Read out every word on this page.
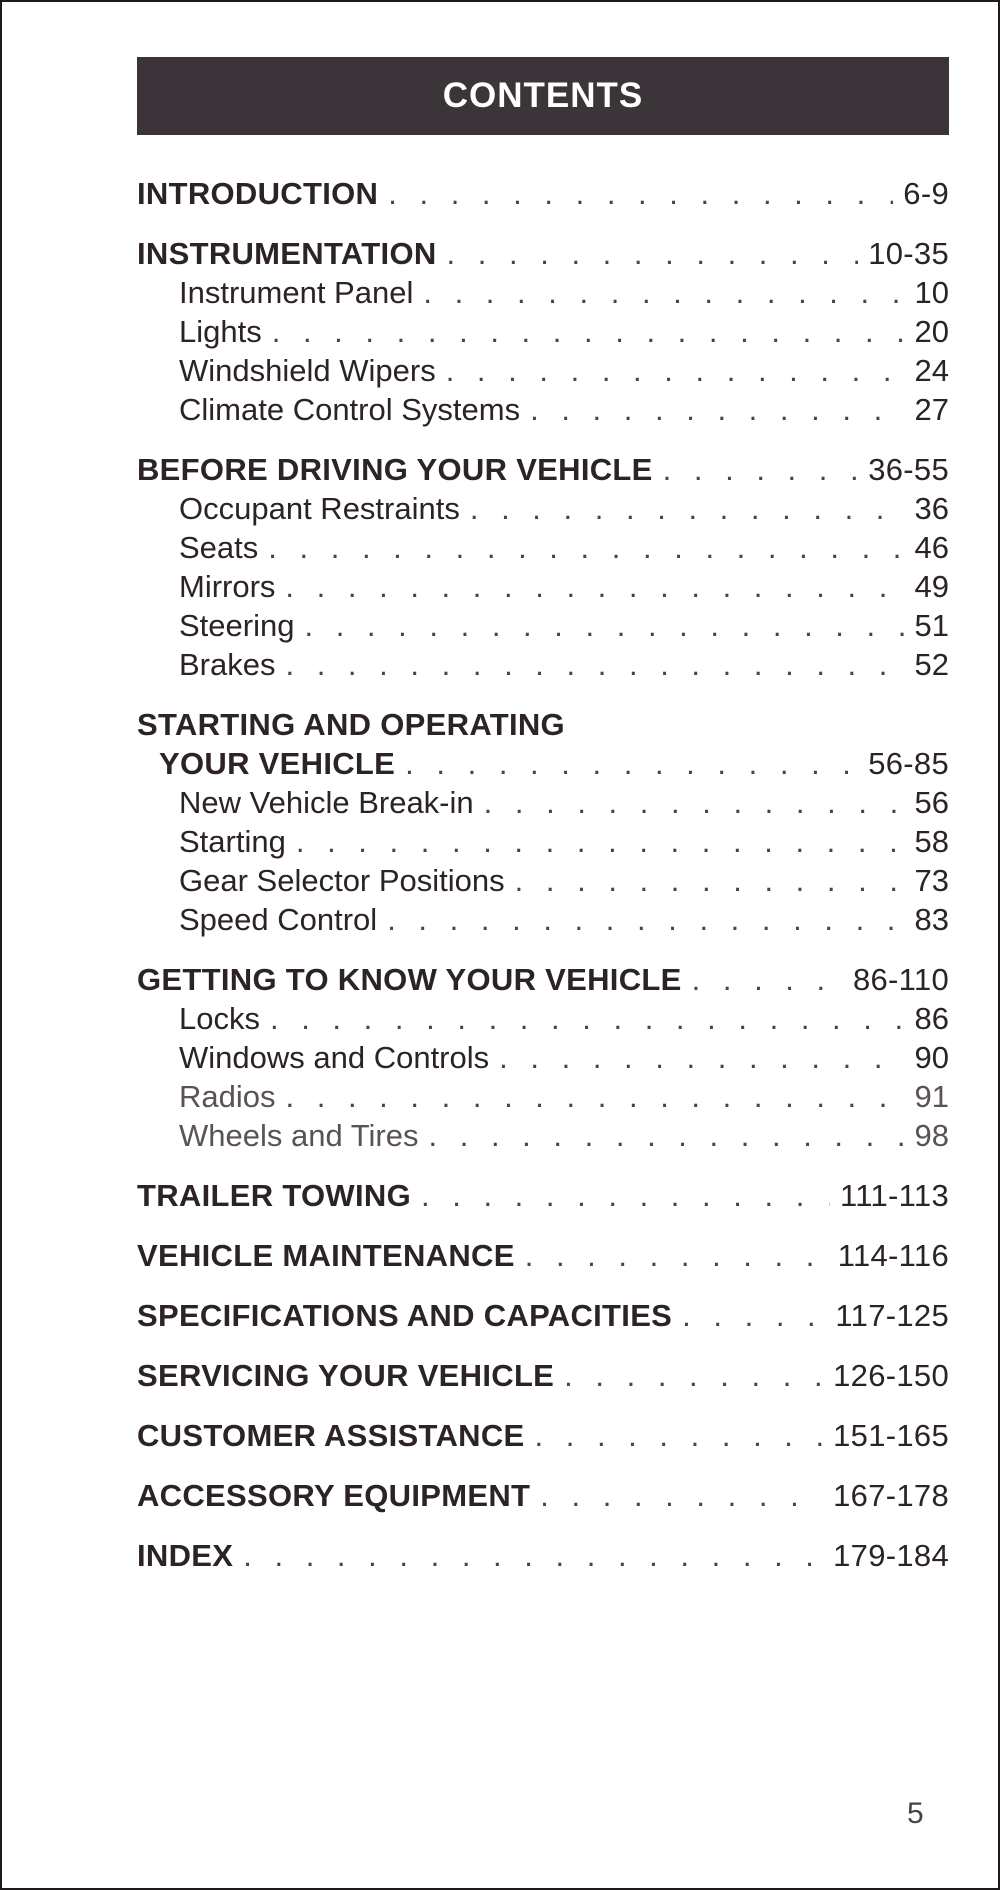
CONTENTS
INTRODUCTION . . .	6-9
INSTRUMENTATION . . .	10-35
Instrument Panel . . .	10
Lights . . .	20
Windshield Wipers . . .	24
Climate Control Systems . . .	27
BEFORE DRIVING YOUR VEHICLE . . .	36-55
Occupant Restraints . . .	36
Seats . . .	46
Mirrors . . .	49
Steering . . .	51
Brakes . . .	52
STARTING AND OPERATING
YOUR VEHICLE . . .	56-85
New Vehicle Break-in . . .	56
Starting . . .	58
Gear Selector Positions . . .	73
Speed Control . . .	83
GETTING TO KNOW YOUR VEHICLE . . .	86-110
Locks . . .	86
Windows and Controls . . .	90
Radios . . .	91
Wheels and Tires . . .	98
TRAILER TOWING . . .	111-113
VEHICLE MAINTENANCE . . .	114-116
SPECIFICATIONS AND CAPACITIES . . .	117-125
SERVICING YOUR VEHICLE . . .	126-150
CUSTOMER ASSISTANCE . . .	151-165
ACCESSORY EQUIPMENT . . .	167-178
INDEX . . .	179-184
5
